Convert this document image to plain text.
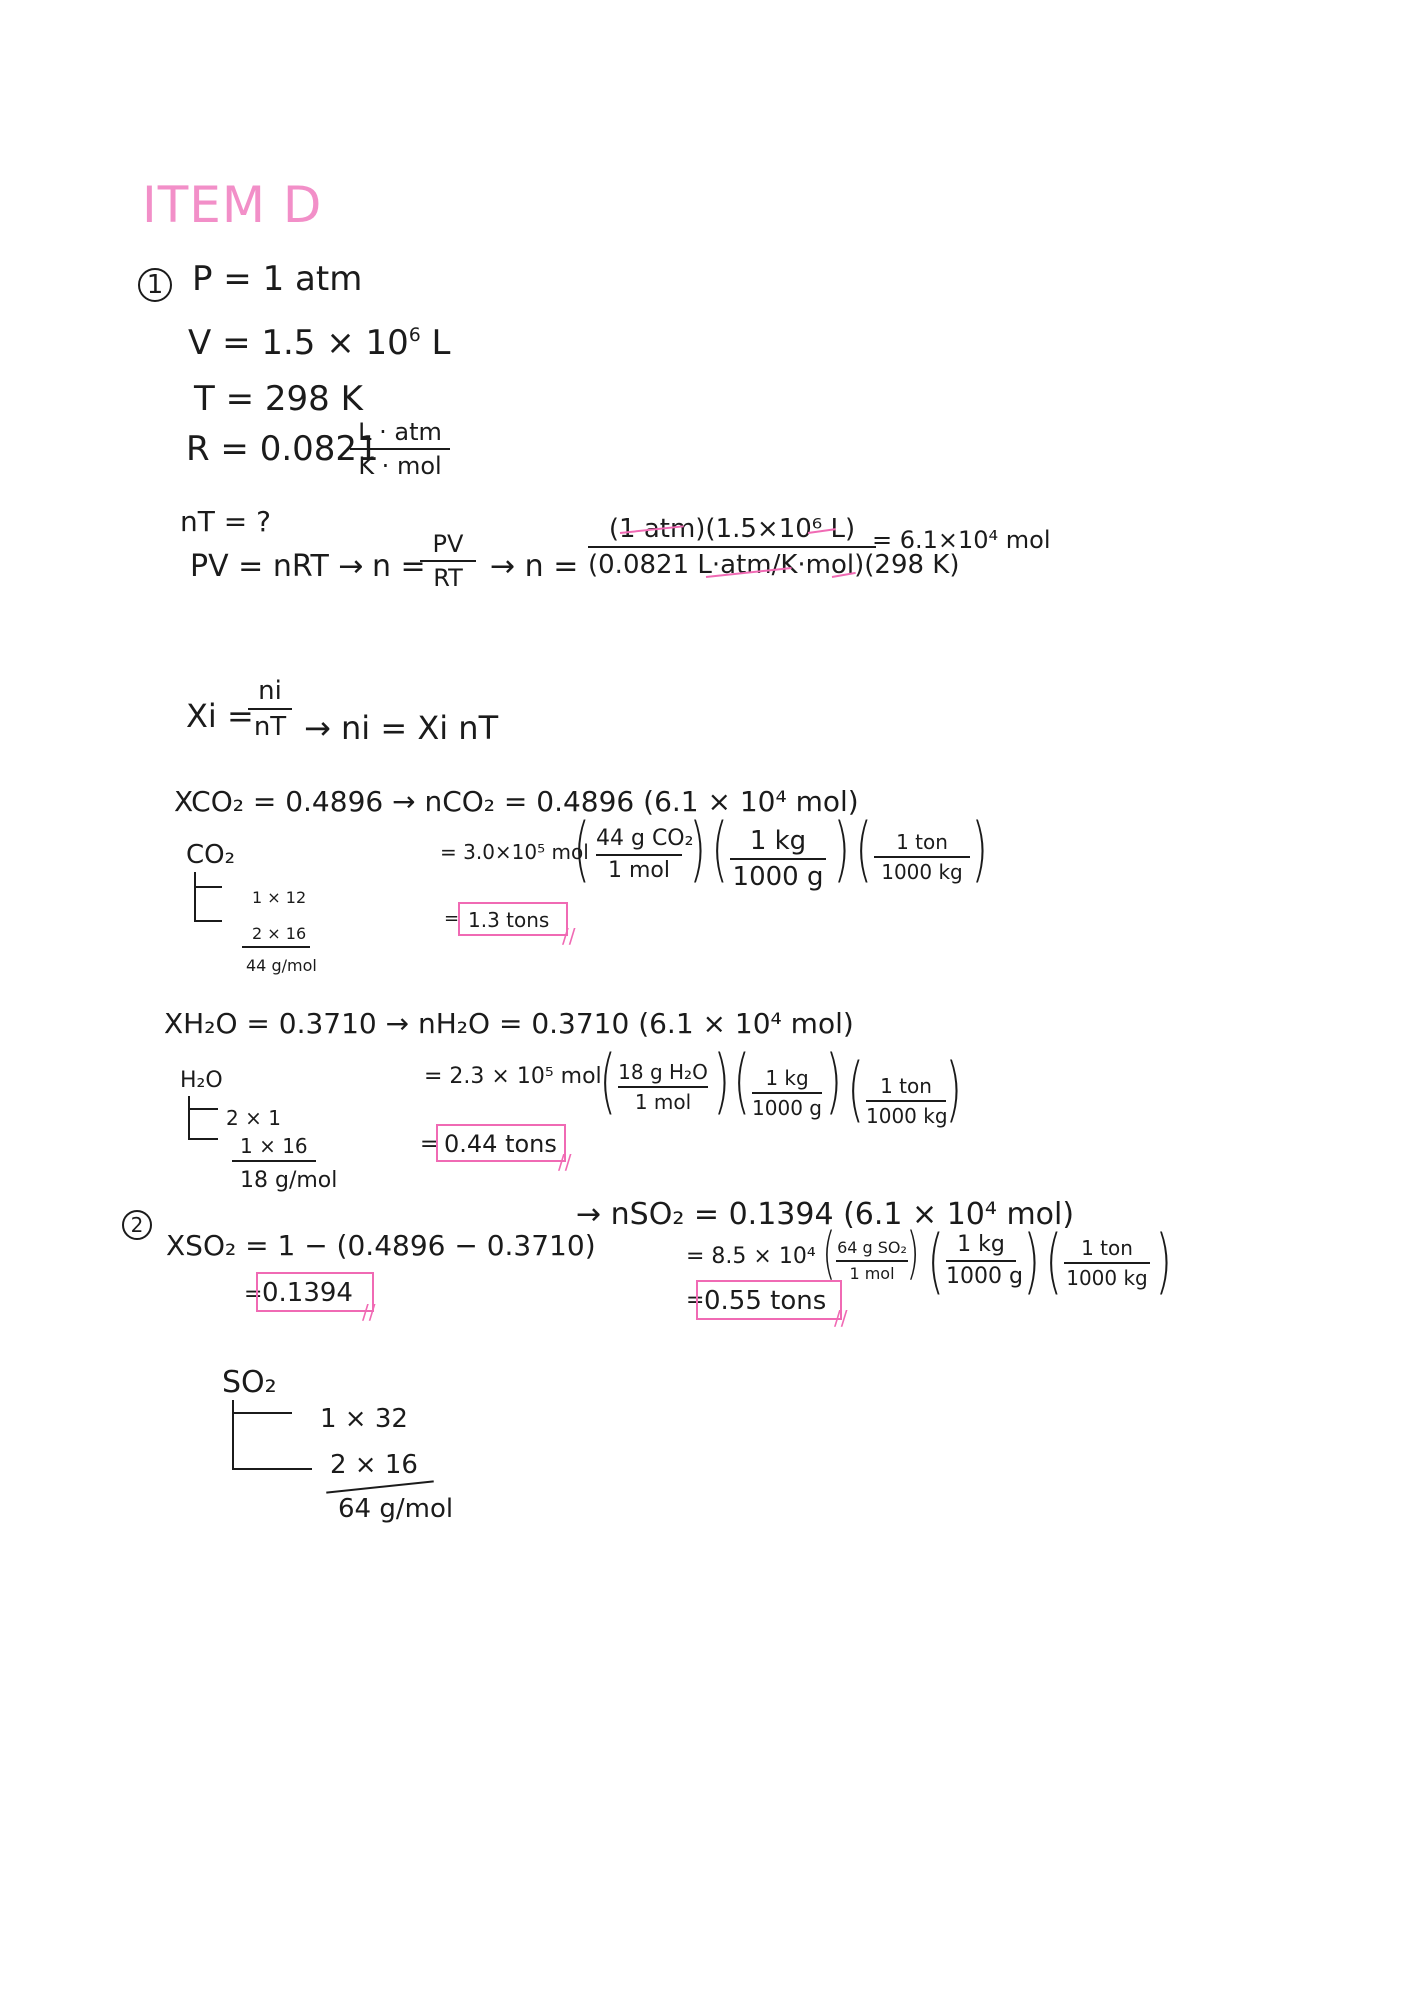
ITEM D
1 P = 1 atm
$V = 1.5 \times 10^6$ L
T = 298 K
R = 0.0821
L · atm
K · mol
nT = ?
PV = nRT → n =
PV
RT → n =
(1 atm)(1.5×10⁶ L)
(0.0821 L·atm/K·mol)(298 K)
= 6.1×10⁴ mol
Xi =
ni
nT → ni = Xi nT
XCO₂ = 0.4896 → nCO₂ = 0.4896 (6.1 × 10⁴ mol)
= 3.0×10⁵ mol
( 44 g CO₂
1 mol ) ( 1 kg
1000 g ) (	1 ton
1000 kg )
CO₂
1 × 12
2 × 16
44 g/mol
= 1.3 tons
//
XH₂O = 0.3710 → nH₂O = 0.3710 (6.1 × 10⁴ mol)
= 2.3 × 10⁵ mol
( 18 g H₂O
1 mol ) ( 1 kg
1000 g ) ( 1 ton
1000 kg
)
H₂O
2 × 1
1 × 16
18 g/mol
= 0.44 tons
//
2
XSO₂ = 1 − (0.4896 − 0.3710)
= 0.1394
//
→ nSO₂ = 0.1394 (6.1 × 10⁴ mol)
= 8.5 × 10⁴ ( 64 g SO₂
1 mol ) ( 1 kg
1000 g ) ( 1 ton
1000 kg )
= 0.55 tons
//
SO₂
1 × 32
2 × 16
64 g/mol
